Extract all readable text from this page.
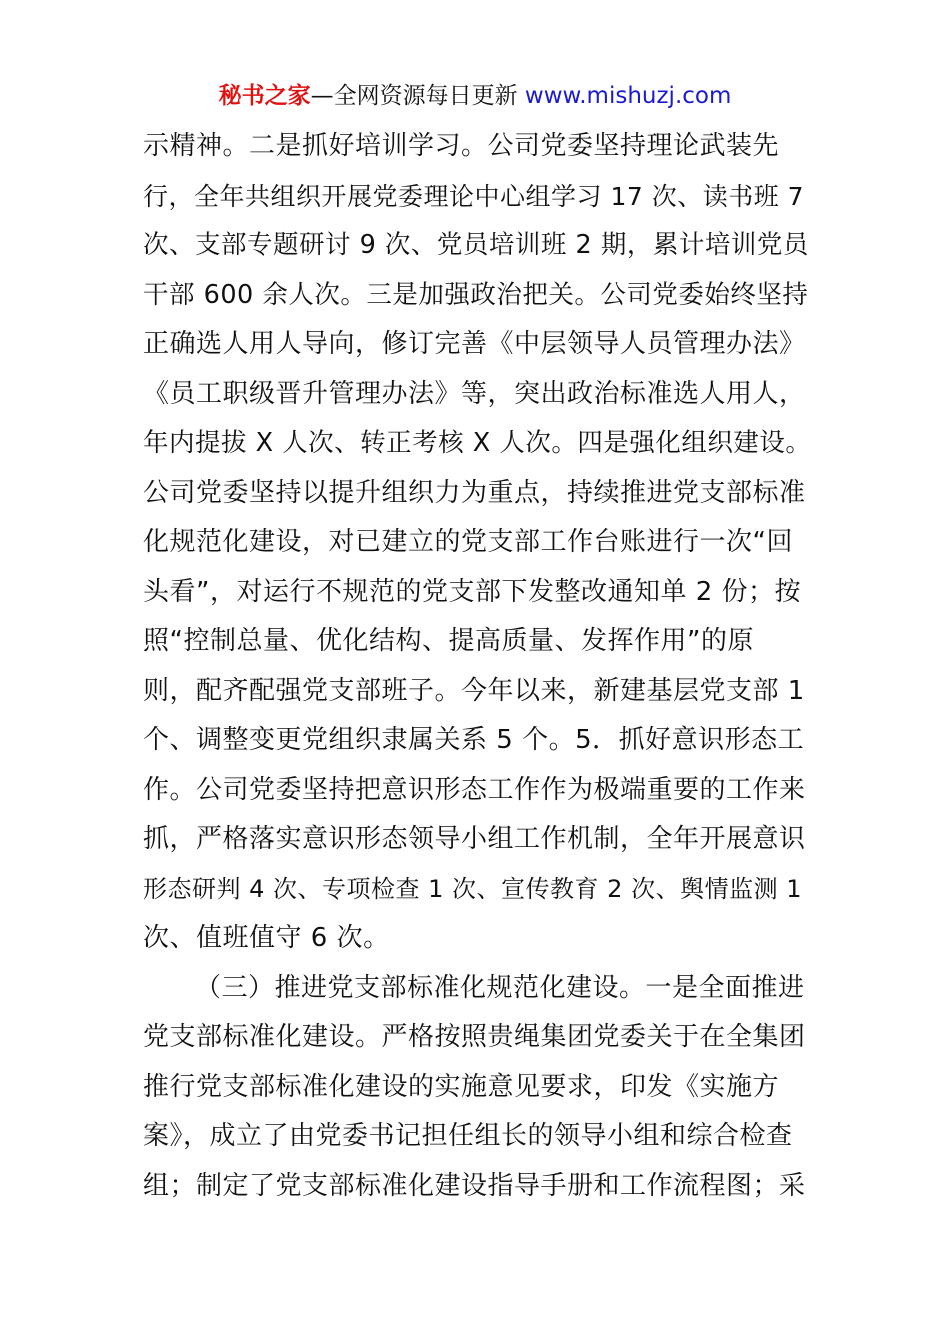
秘书之家—全网资源每日更新 www.mishuzj.com
示精神。二是抓好培训学习。公司党委坚持理论武装先
行，全年共组织开展党委理论中心组学习 17 次、读书班 7
次、支部专题研讨 9 次、党员培训班 2 期，累计培训党员
干部 600 余人次。三是加强政治把关。公司党委始终坚持
正确选人用人导向，修订完善《中层领导人员管理办法》
《员工职级晋升管理办法》等，突出政治标准选人用人，
年内提拔 X 人次、转正考核 X 人次。四是强化组织建设。
公司党委坚持以提升组织力为重点，持续推进党支部标准
化规范化建设，对已建立的党支部工作台账进行一次“回
头看”，对运行不规范的党支部下发整改通知单 2 份；按
照“控制总量、优化结构、提高质量、发挥作用”的原
则，配齐配强党支部班子。今年以来，新建基层党支部 1
个、调整变更党组织隶属关系 5 个。5．抓好意识形态工
作。公司党委坚持把意识形态工作作为极端重要的工作来
抓，严格落实意识形态领导小组工作机制，全年开展意识
形态研判 4 次、专项检查 1 次、宣传教育 2 次、舆情监测 1
次、值班值守 6 次。
（三）推进党支部标准化规范化建设。一是全面推进
党支部标准化建设。严格按照贵绳集团党委关于在全集团
推行党支部标准化建设的实施意见要求，印发《实施方
案》，成立了由党委书记担任组长的领导小组和综合检查
组；制定了党支部标准化建设指导手册和工作流程图；采
